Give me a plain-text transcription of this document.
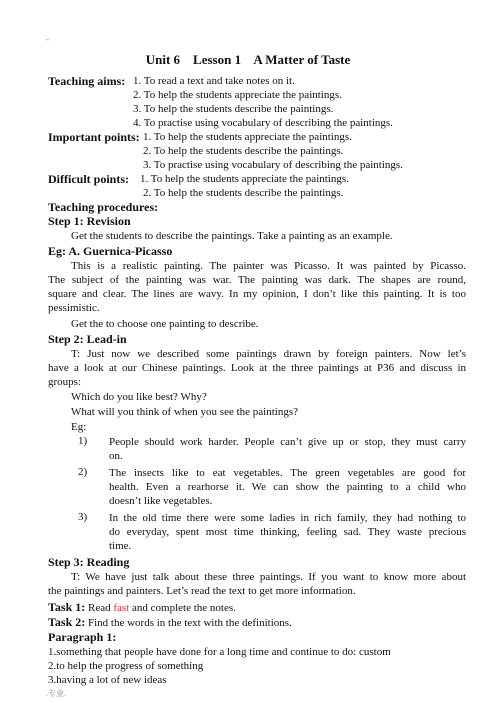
-
Unit 6    Lesson 1    A Matter of Taste
Teaching aims: 1. To read a text and take notes on it.
2. To help the students appreciate the paintings.
3. To help the students describe the paintings.
4. To practise using vocabulary of describing the paintings.
Important points: 1. To help the students appreciate the paintings.
2. To help the students describe the paintings.
3. To practise using vocabulary of describing the paintings.
Difficult points: 1. To help the students appreciate the paintings.
2. To help the students describe the paintings.
Teaching procedures:
Step 1: Revision
Get the students to describe the paintings. Take a painting as an example.
Eg: A. Guernica-Picasso
This is a realistic painting. The painter was Picasso. It was painted by Picasso.
The subject of the painting was war. The painting was dark. The shapes are round,
square and clear. The lines are wavy. In my opinion, I don’t like this painting. It is too
pessimistic.
Get the to choose one painting to describe.
Step 2: Lead-in
T: Just now we described some paintings drawn by foreign painters. Now let’s
have a look at our Chinese paintings. Look at the three paintings at P36 and discuss in
groups:
Which do you like best? Why?
What will you think of when you see the paintings?
Eg:
1) People should work harder. People can’t give up or stop, they must carry
on.
2) The insects like to eat vegetables. The green vegetables are good for
health. Even a rearhorse it. We can show the painting to a child who
doesn’t like vegetables.
3) In the old time there were some ladies in rich family, they had nothing to
do everyday, spent most time thinking, feeling sad. They waste precious
time.
Step 3: Reading
T: We have just talk about these three paintings. If you want to know more about
the paintings and painters. Let’s read the text to get more information.
Task 1: Read fast and complete the notes.
Task 2: Find the words in the text with the definitions.
Paragraph 1:
1.something that people have done for a long time and continue to do: custom
2.to help the progress of something
3.having a lot of new ideas
.专业.
